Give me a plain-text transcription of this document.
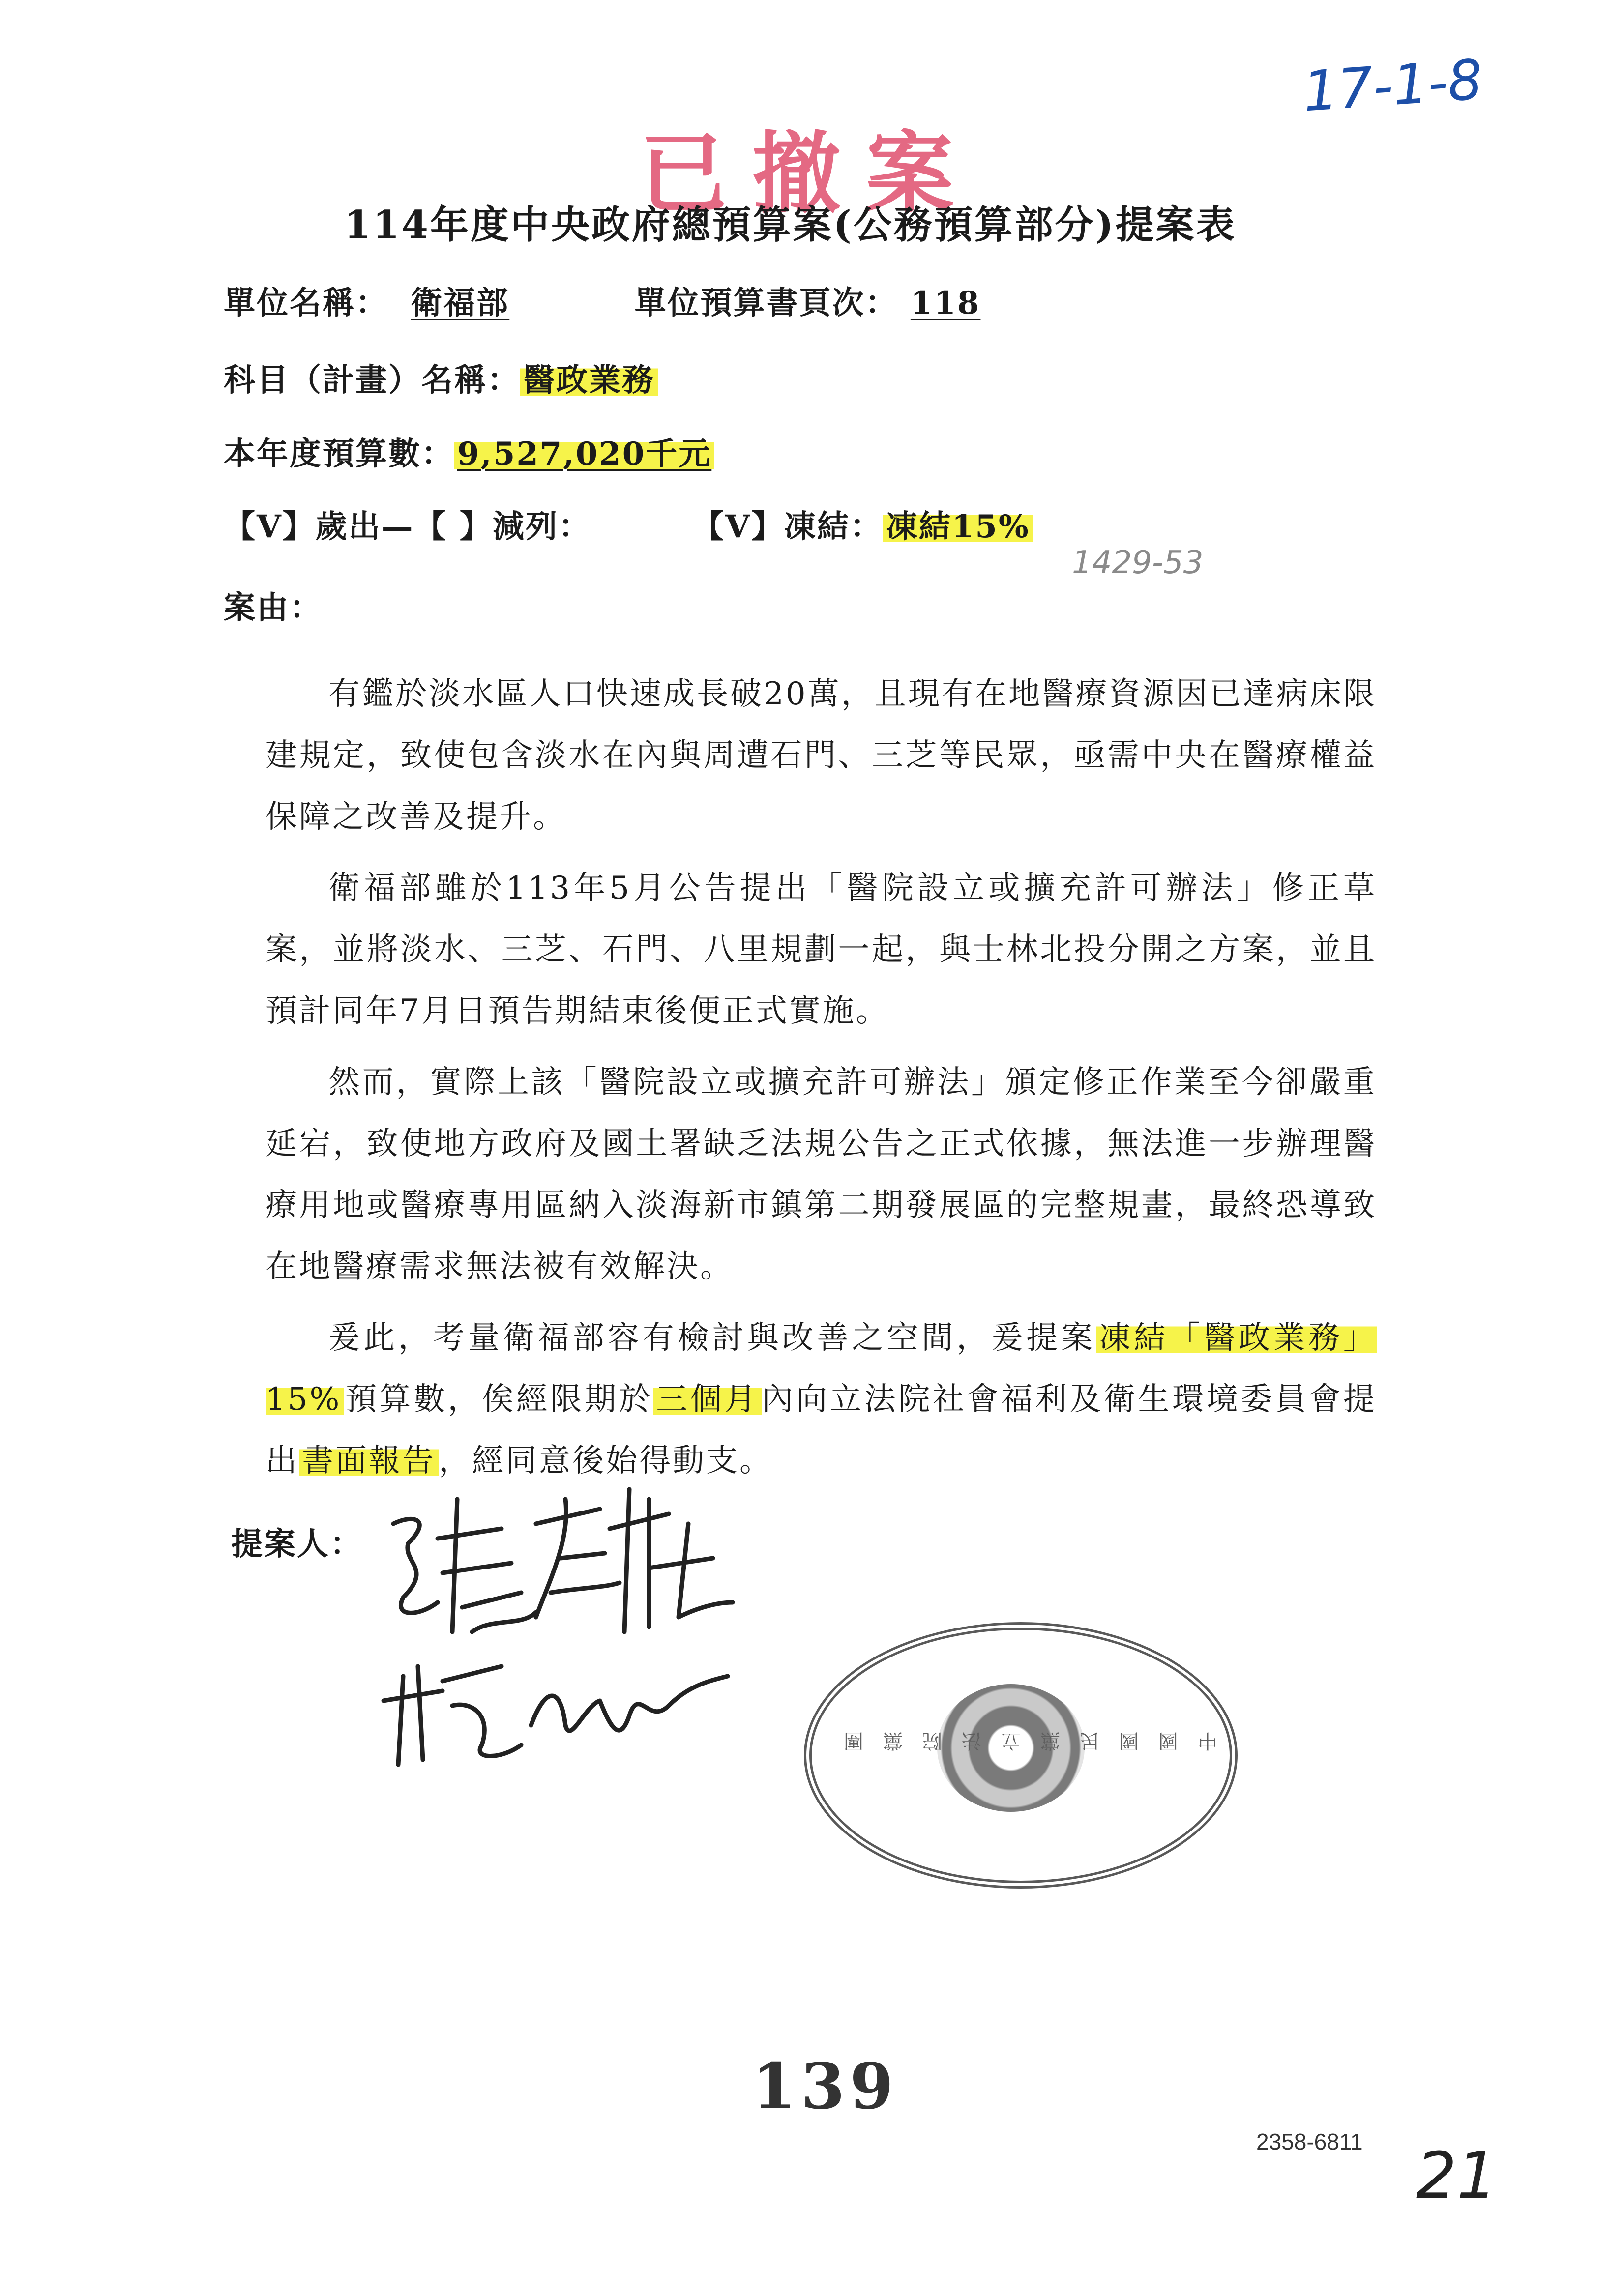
17-1-8
已撤案
114年度中央政府總預算案(公務預算部分)提案表
單位名稱： 衛福部	單位預算書頁次： 118
科目（計畫）名稱：醫政業務
本年度預算數：9,527,020千元
【V】歲出—【 】減列：	【V】凍結：凍結15%
1429-53
案由：

有鑑於淡水區人口快速成長破20萬，且現有在地醫療資源因已達病床限建規定，致使包含淡水在內與周遭石門、三芝等民眾，亟需中央在醫療權益保障之改善及提升。

衛福部雖於113年5月公告提出「醫院設立或擴充許可辦法」修正草案，並將淡水、三芝、石門、八里規劃一起，與士林北投分開之方案，並且預計同年7月日預告期結束後便正式實施。

然而，實際上該「醫院設立或擴充許可辦法」頒定修正作業至今卻嚴重延宕，致使地方政府及國土署缺乏法規公告之正式依據，無法進一步辦理醫療用地或醫療專用區納入淡海新市鎮第二期發展區的完整規畫，最終恐導致在地醫療需求無法被有效解決。

爰此，考量衛福部容有檢討與改善之空間，爰提案凍結「醫政業務」15%預算數，俟經限期於三個月內向立法院社會福利及衛生環境委員會提出書面報告，經同意後始得動支。

提案人：
中國國民黨立法院黨團
139
2358-6811 21
